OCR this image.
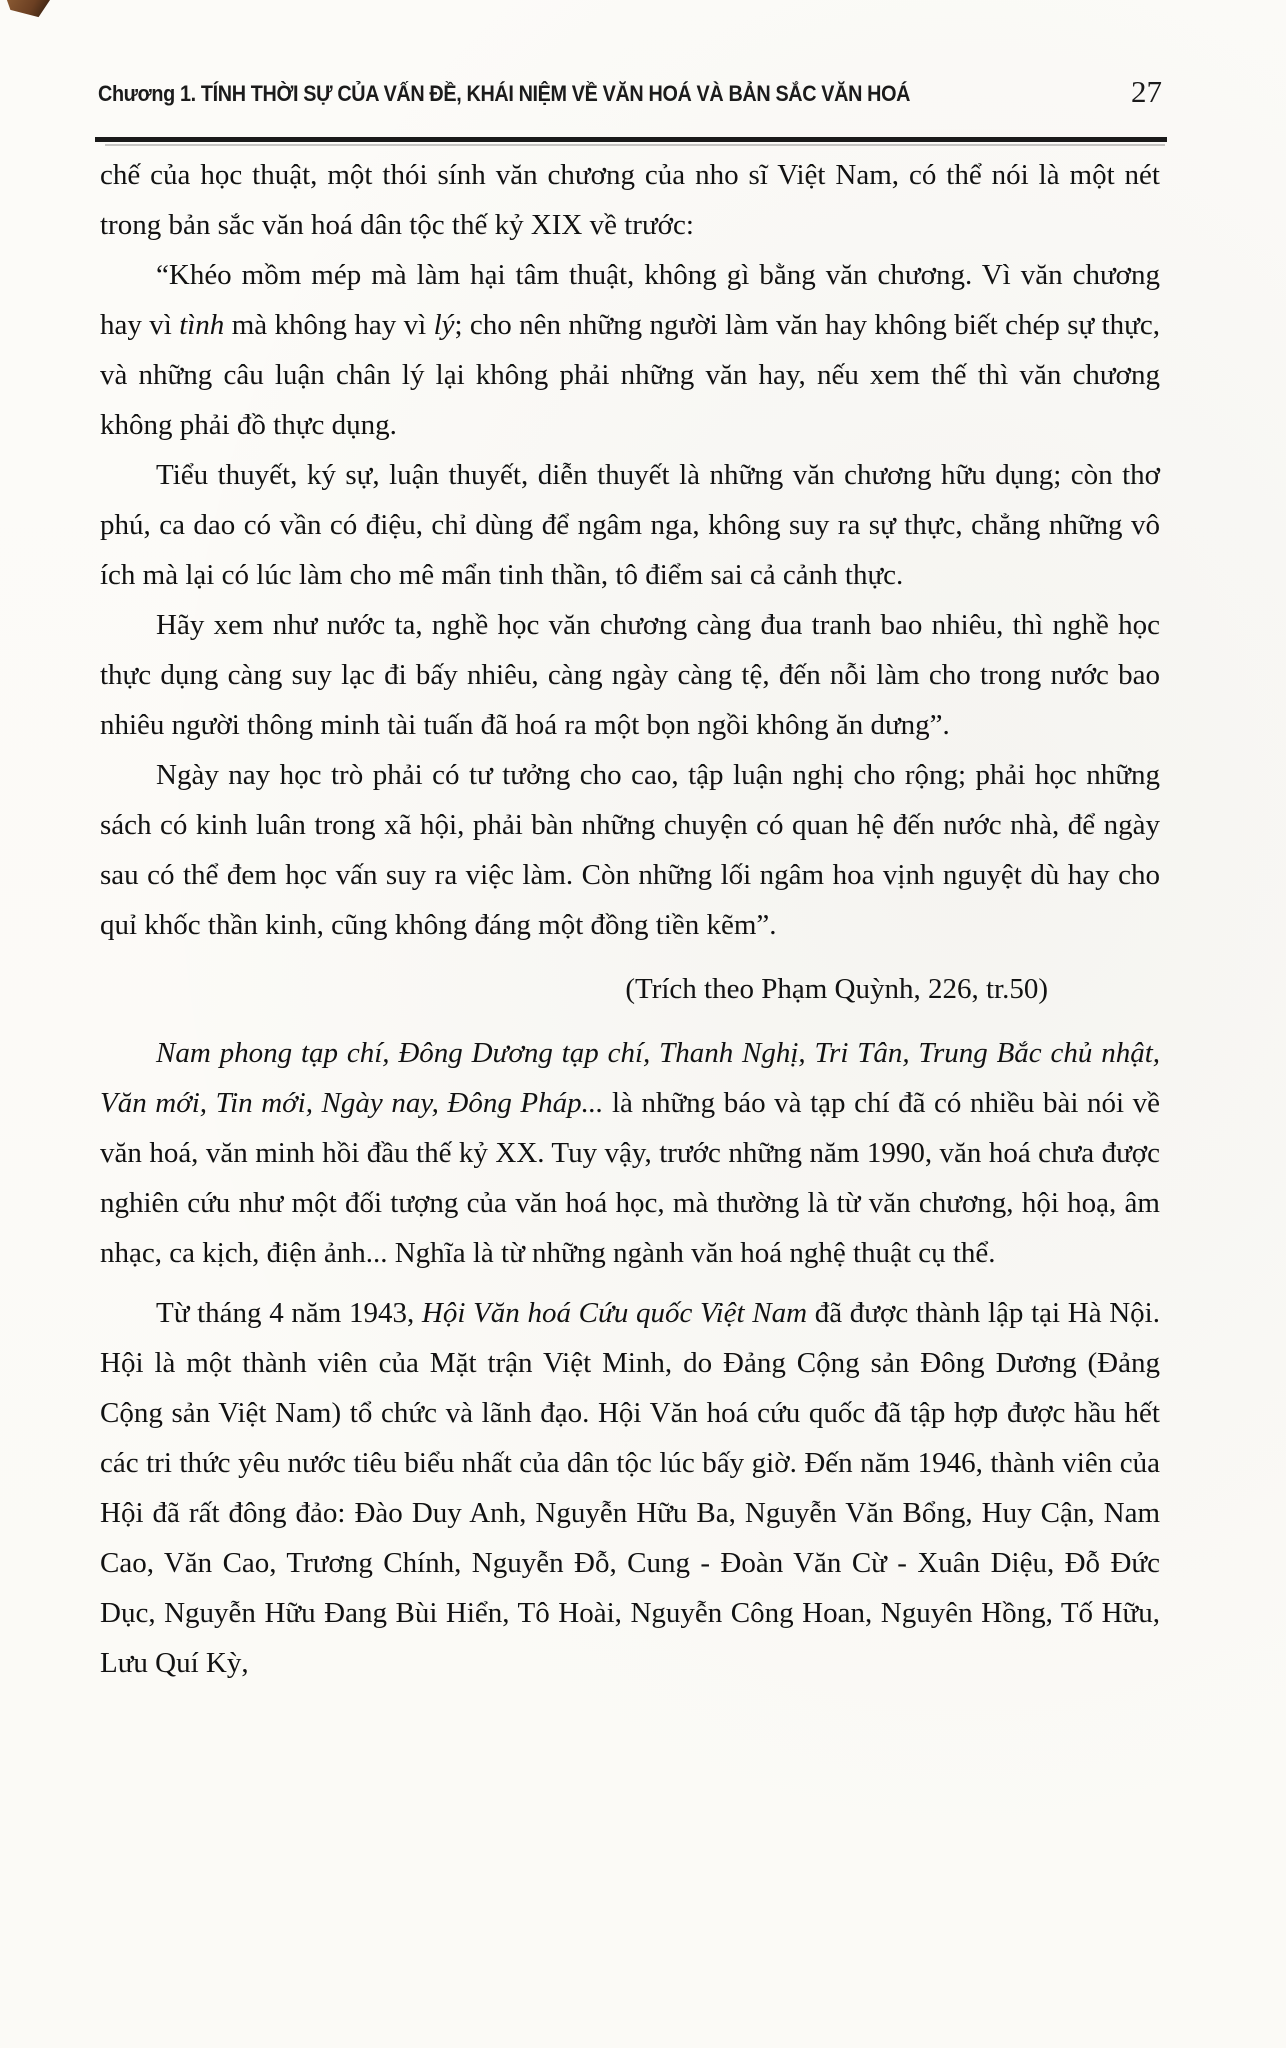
Chương 1. TÍNH THỜI SỰ CỦA VẤN ĐỀ, KHÁI NIỆM VỀ VĂN HOÁ VÀ BẢN SẮC VĂN HOÁ	27

chế của học thuật, một thói sính văn chương của nho sĩ Việt Nam, có thể nói là một nét trong bản sắc văn hoá dân tộc thế kỷ XIX về trước:

“Khéo mồm mép mà làm hại tâm thuật, không gì bằng văn chương. Vì văn chương hay vì tình mà không hay vì lý; cho nên những người làm văn hay không biết chép sự thực, và những câu luận chân lý lại không phải những văn hay, nếu xem thế thì văn chương không phải đồ thực dụng.

Tiểu thuyết, ký sự, luận thuyết, diễn thuyết là những văn chương hữu dụng; còn thơ phú, ca dao có vần có điệu, chỉ dùng để ngâm nga, không suy ra sự thực, chẳng những vô ích mà lại có lúc làm cho mê mẩn tinh thần, tô điểm sai cả cảnh thực.

Hãy xem như nước ta, nghề học văn chương càng đua tranh bao nhiêu, thì nghề học thực dụng càng suy lạc đi bấy nhiêu, càng ngày càng tệ, đến nỗi làm cho trong nước bao nhiêu người thông minh tài tuấn đã hoá ra một bọn ngồi không ăn dưng”.

Ngày nay học trò phải có tư tưởng cho cao, tập luận nghị cho rộng; phải học những sách có kinh luân trong xã hội, phải bàn những chuyện có quan hệ đến nước nhà, để ngày sau có thể đem học vấn suy ra việc làm. Còn những lối ngâm hoa vịnh nguyệt dù hay cho quỉ khốc thần kinh, cũng không đáng một đồng tiền kẽm”.

(Trích theo Phạm Quỳnh, 226, tr.50)

Nam phong tạp chí, Đông Dương tạp chí, Thanh Nghị, Tri Tân, Trung Bắc chủ nhật, Văn mới, Tin mới, Ngày nay, Đông Pháp... là những báo và tạp chí đã có nhiều bài nói về văn hoá, văn minh hồi đầu thế kỷ XX. Tuy vậy, trước những năm 1990, văn hoá chưa được nghiên cứu như một đối tượng của văn hoá học, mà thường là từ văn chương, hội hoạ, âm nhạc, ca kịch, điện ảnh... Nghĩa là từ những ngành văn hoá nghệ thuật cụ thể.

Từ tháng 4 năm 1943, Hội Văn hoá Cứu quốc Việt Nam đã được thành lập tại Hà Nội. Hội là một thành viên của Mặt trận Việt Minh, do Đảng Cộng sản Đông Dương (Đảng Cộng sản Việt Nam) tổ chức và lãnh đạo. Hội Văn hoá cứu quốc đã tập hợp được hầu hết các tri thức yêu nước tiêu biểu nhất của dân tộc lúc bấy giờ. Đến năm 1946, thành viên của Hội đã rất đông đảo: Đào Duy Anh, Nguyễn Hữu Ba, Nguyễn Văn Bổng, Huy Cận, Nam Cao, Văn Cao, Trương Chính, Nguyễn Đỗ, Cung - Đoàn Văn Cừ - Xuân Diệu, Đỗ Đức Dục, Nguyễn Hữu Đang Bùi Hiển, Tô Hoài, Nguyễn Công Hoan, Nguyên Hồng, Tố Hữu, Lưu Quí Kỳ,
